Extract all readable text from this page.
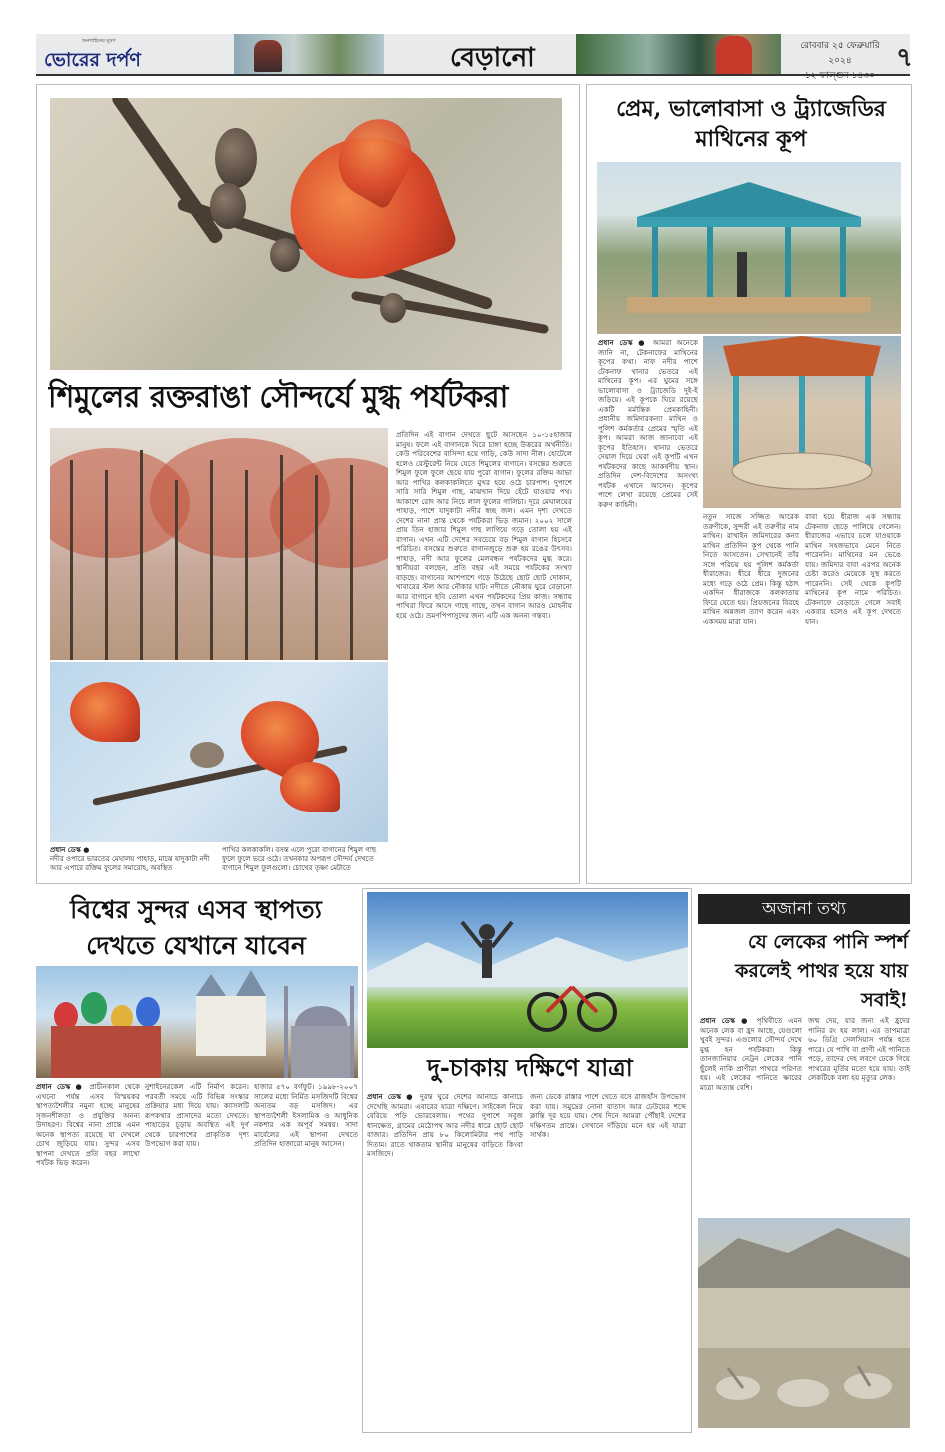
অনলাইনের মুদ্রণ
ভোরের দর্পণ	বেড়ানো	রোববার ২৫ ফেব্রুয়ারি ২০২৪
১২ ফাল্গুন ১৪৩০
৭
শিমুলের রক্তরাঙা সৌন্দর্যে মুগ্ধ পর্যটকরা
প্রধান ডেস্ক ●
নদীর ওপারে ভারতের মেঘালয় পাহাড়, মাঝে যাদুকাটা নদী আর এপারে রক্তিম ফুলের সমারোহ, অবস্থিত
পাখির কলকাকলি। বসন্ত এলে পুরো বাগানের শিমুল গাছ ফুলে ফুলে ভরে ওঠে। তখনকার অপরূপ সৌন্দর্য দেখতে বাগানে শিমুল ফুলগুলো। চোখের তৃষ্ণা মেটাতে
প্রতিদিন এই বাগান দেখতে ছুটে আসছেন ১০-১৫হাজার মানুষ। ফলে এই বাগানকে ঘিরে চাঙ্গা হচ্ছে উত্তরের অর্থনীতি। কেউ পরিবেশের বাসিন্দা হয়ে গাড়ি, কেউ সাদা নীল। হোটেলে হলেও রেস্টুরেন্ট নিয়ে যেতে শিমুলের বাগানে। বসন্তের শুরুতে শিমুল ফুলে ফুলে ছেয়ে যায় পুরো বাগান। ফুলের রক্তিম আভা আর পাখির কলকাকলিতে মুখর হয়ে ওঠে চারপাশ। দুপাশে সারি সারি শিমুল গাছ, মাঝখান দিয়ে হেঁটে যাওয়ার পথ। আকাশে রোদ আর নিচে লাল ফুলের গালিচা। দূরে মেঘালয়ের পাহাড়, পাশে যাদুকাটা নদীর স্বচ্ছ জল। এমন দৃশ্য দেখতে দেশের নানা প্রান্ত থেকে পর্যটকরা ভিড় জমান। ২০০২ সালে প্রায় তিন হাজার শিমুল গাছ লাগিয়ে গড়ে তোলা হয় এই বাগান। এখন এটি দেশের সবচেয়ে বড় শিমুল বাগান হিসেবে পরিচিত। বসন্তের শুরুতে বাগানজুড়ে শুরু হয় রঙের উৎসব। পাহাড়, নদী আর ফুলের মেলবন্ধন পর্যটকদের মুগ্ধ করে। স্থানীয়রা বলছেন, প্রতি বছর এই সময়ে পর্যটকের সংখ্যা বাড়ছে। বাগানের আশপাশে গড়ে উঠেছে ছোট ছোট দোকান, খাবারের স্টল আর নৌকার ঘাট। নদীতে নৌকায় ঘুরে বেড়ানো আর বাগানে ছবি তোলা এখন পর্যটকদের প্রিয় কাজ। সন্ধ্যায় পাখিরা ফিরে আসে গাছে গাছে, তখন বাগান আরও মোহনীয় হয়ে ওঠে। ভ্রমণপিপাসুদের জন্য এটি এক অনন্য গন্তব্য।
প্রেম, ভালোবাসা ও ট্র্যাজেডির মাথিনের কূপ
প্রধান ডেস্ক ● আমরা অনেকে জানি না, টেকনাফের মাথিনের কূপের কথা। নাফ নদীর পাশে টেকনাফ থানার ভেতরে এই মাথিনের কূপ। এর ঘুমের সঙ্গে ভালোবাসা ও ট্র্যাজেডি দুই-ই জড়িয়ে। এই কূপকে ঘিরে রয়েছে একটি মর্মান্তিক প্রেমকাহিনী। প্রধানীয় জমিদারকন্যা মাথিন ও পুলিশ কর্মকর্তার প্রেমের স্মৃতি এই কূপ। আমরা আজ জানাবো এই কূপের ইতিহাস। থানার ভেতরে দেয়াল দিয়ে ঘেরা এই কূপটি এখন পর্যটকদের কাছে আকর্ষণীয় স্থান। প্রতিদিন দেশ-বিদেশের অসংখ্য পর্যটক এখানে আসেন। কূপের পাশে লেখা রয়েছে প্রেমের সেই করুণ কাহিনী।
নতুন সাজে সজ্জিত আরেক তরুণীকে, সুন্দরী এই তরুণীর নাম মাথিন। রাখাইন জমিদারের কন্যা মাথিন প্রতিদিন কূপ থেকে পানি নিতে আসতেন। সেখানেই তাঁর সঙ্গে পরিচয় হয় পুলিশ কর্মকর্তা ধীরাজের। ধীরে ধীরে দুজনের মধ্যে গড়ে ওঠে প্রেম। কিন্তু হঠাৎ একদিন ধীরাজকে কলকাতায় ফিরে যেতে হয়। প্রিয়জনের বিরহে মাথিন অন্নজল ত্যাগ করেন এবং একসময় মারা যান।
বাবা হয়ে ধীরাজ এক সন্ধ্যায় টেকনাফ ছেড়ে পালিয়ে গেলেন। ধীরাজের এভাবে চলে যাওয়াকে মাথিন সহজভাবে মেনে নিতে পারেননি। মাথিনের মন ভেঙে যায়। জমিদার বাবা এরপর অনেক চেষ্টা করেও মেয়েকে সুস্থ করতে পারেননি। সেই থেকে কূপটি মাথিনের কূপ নামে পরিচিত। টেকনাফে বেড়াতে গেলে সবাই একবার হলেও এই কূপ দেখতে যান।
বিশ্বের সুন্দর এসব স্থাপত্য দেখতে যেখানে যাবেন
প্রধান ডেস্ক ● প্রাচীনকাল থেকে এখনো পর্যন্ত এসব বিস্ময়কর স্থাপত্যশৈলীর নমুনা হচ্ছে মানুষের সৃজনশীলতা ও প্রযুক্তির অনন্য উদাহরণ। বিশ্বের নানা প্রান্তে এমন অনেক স্থাপত্য রয়েছে যা দেখলে চোখ জুড়িয়ে যায়। সুন্দর এসব স্থাপনা দেখতে প্রতি বছর লাখো পর্যটক ভিড় করেন।
নুশাইনেরকেল এটি নির্মাণ করেন। পরবর্তী সময়ে এটি বিভিন্ন সংস্কার প্রক্রিয়ার মধ্য দিয়ে যায়। ক্যাসলটি রূপকথার প্রাসাদের মতো দেখতে। পাহাড়ের চূড়ায় অবস্থিত এই দুর্গ থেকে চারপাশের প্রাকৃতিক দৃশ্য উপভোগ করা যায়।
হাজার ৫৭০ বর্গফুট। ১৯৯৮-২০০৭ সালের মধ্যে নির্মিত মসজিদটি বিশ্বের অন্যতম বড় মসজিদ। এর স্থাপত্যশৈলী ইসলামিক ও আধুনিক নকশার এক অপূর্ব সমন্বয়। সাদা মার্বেলের এই স্থাপনা দেখতে প্রতিদিন হাজারো মানুষ আসেন।
দু-চাকায় দক্ষিণে যাত্রা
প্রধান ডেস্ক ● দুরন্ত ঘুরে দেশের আনাচে কানাচে দেখেছি আমরা। এবারের যাত্রা দক্ষিণে। সাইকেল নিয়ে বেরিয়ে পড়ি ভোরবেলায়। পথের দুপাশে সবুজ ধানক্ষেত, গ্রামের মেঠোপথ আর নদীর ধারে ছোট ছোট বাজার। প্রতিদিন প্রায় ৮০ কিলোমিটার পথ পাড়ি দিতাম। রাতে থাকতাম স্থানীয় মানুষের বাড়িতে কিংবা মসজিদে।
জন্য ডেকে রাস্তার পাশে খেতে বসে রাজহাঁস উপভোগ করা যায়। সমুদ্রের নোনা বাতাস আর ঢেউয়ের শব্দে ক্লান্তি দূর হয়ে যায়। শেষ দিনে আমরা পৌঁছাই দেশের দক্ষিণতম প্রান্তে। সেখানে দাঁড়িয়ে মনে হয় এই যাত্রা সার্থক।
অজানা তথ্য
যে লেকের পানি স্পর্শ করলেই পাথর হয়ে যায় সবাই!
প্রধান ডেস্ক ● পৃথিবীতে এমন অনেক লেক বা হ্রদ আছে, যেগুলো খুবই সুন্দর। এগুলোর সৌন্দর্য দেখে মুগ্ধ হন পর্যটকরা। কিন্তু তানজানিয়ার নেট্রন লেকের পানি ছুঁলেই নাকি প্রাণীরা পাথরে পরিণত হয়। এই লেকের পানিতে ক্ষারের মাত্রা অত্যন্ত বেশি।
জন্ম দেয়, যার জন্য এই হ্রদের পানির রং হয় লাল। এর তাপমাত্রা ৬০ ডিগ্রি সেলসিয়াস পর্যন্ত হতে পারে। যে পাখি বা প্রাণী এই পানিতে পড়ে, তাদের দেহ লবণে ঢেকে গিয়ে পাথরের মূর্তির মতো হয়ে যায়। তাই লেকটিকে বলা হয় মৃত্যুর লেক।
